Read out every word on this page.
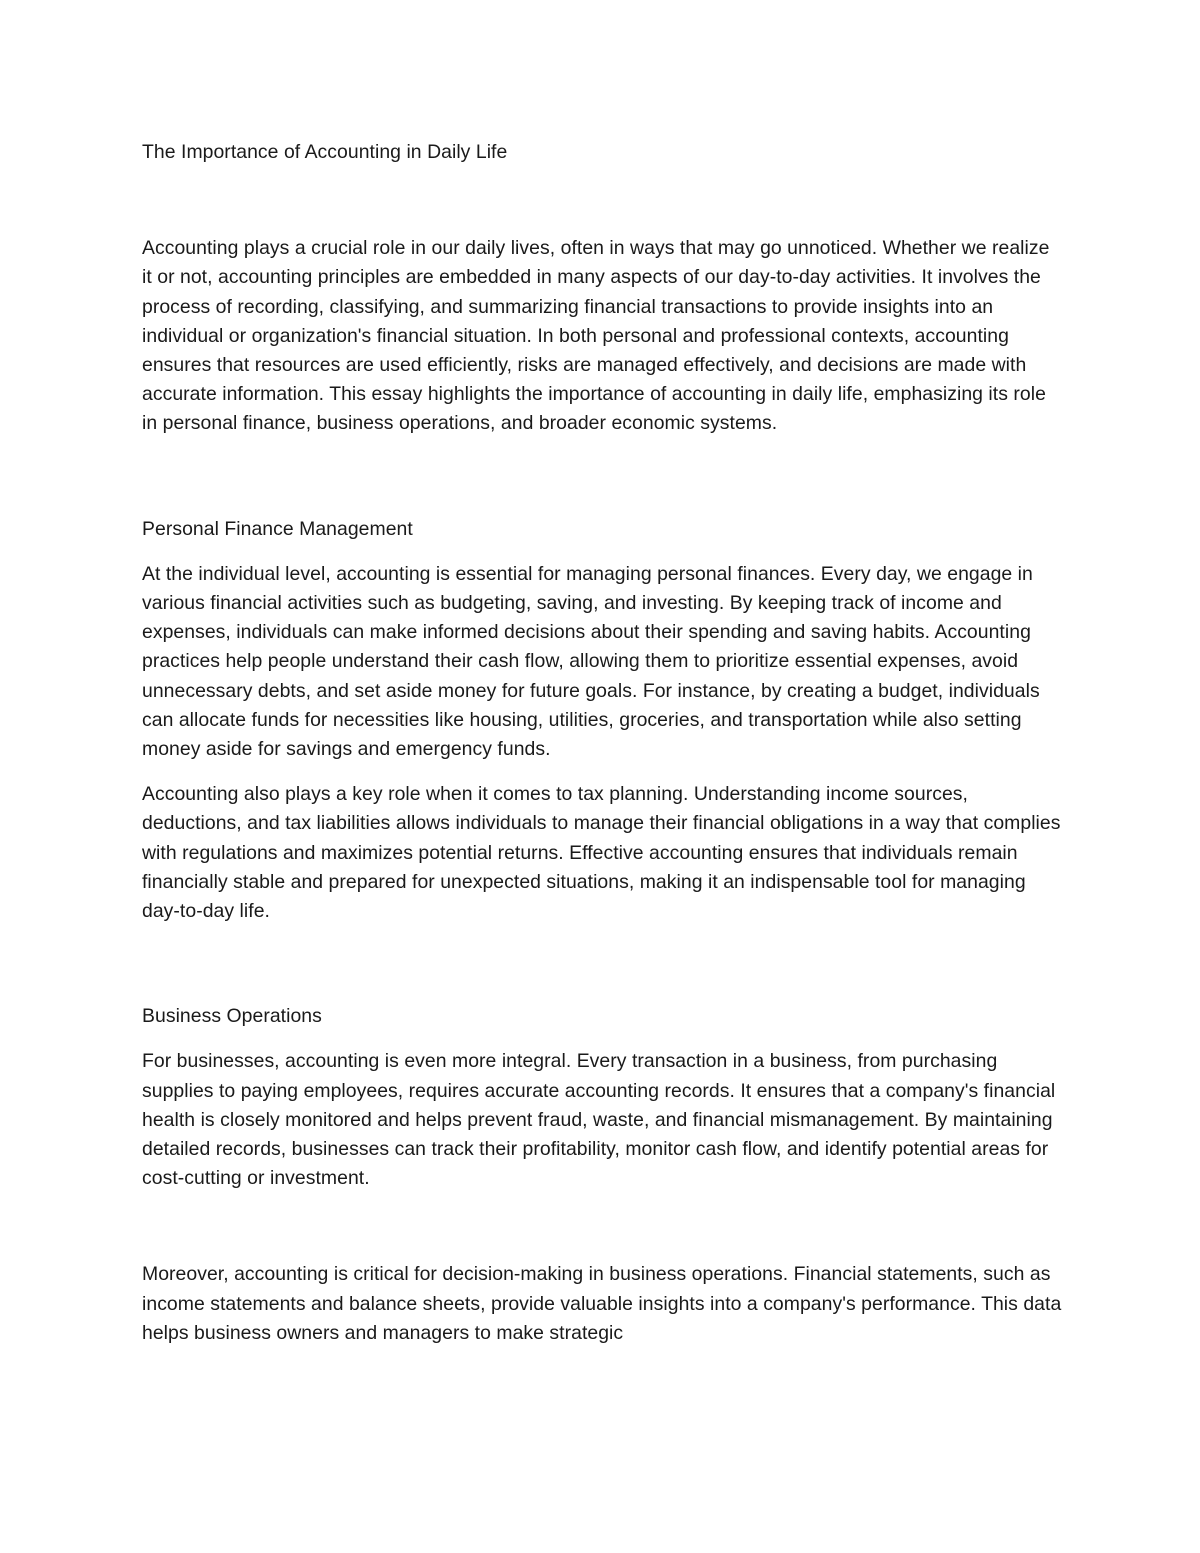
The Importance of Accounting in Daily Life

Accounting plays a crucial role in our daily lives, often in ways that may go unnoticed. Whether we realize it or not, accounting principles are embedded in many aspects of our day-to-day activities. It involves the process of recording, classifying, and summarizing financial transactions to provide insights into an individual or organization's financial situation. In both personal and professional contexts, accounting ensures that resources are used efficiently, risks are managed effectively, and decisions are made with accurate information. This essay highlights the importance of accounting in daily life, emphasizing its role in personal finance, business operations, and broader economic systems.

Personal Finance Management

At the individual level, accounting is essential for managing personal finances. Every day, we engage in various financial activities such as budgeting, saving, and investing. By keeping track of income and expenses, individuals can make informed decisions about their spending and saving habits. Accounting practices help people understand their cash flow, allowing them to prioritize essential expenses, avoid unnecessary debts, and set aside money for future goals. For instance, by creating a budget, individuals can allocate funds for necessities like housing, utilities, groceries, and transportation while also setting money aside for savings and emergency funds.

Accounting also plays a key role when it comes to tax planning. Understanding income sources, deductions, and tax liabilities allows individuals to manage their financial obligations in a way that complies with regulations and maximizes potential returns. Effective accounting ensures that individuals remain financially stable and prepared for unexpected situations, making it an indispensable tool for managing day-to-day life.

Business Operations

For businesses, accounting is even more integral. Every transaction in a business, from purchasing supplies to paying employees, requires accurate accounting records. It ensures that a company's financial health is closely monitored and helps prevent fraud, waste, and financial mismanagement. By maintaining detailed records, businesses can track their profitability, monitor cash flow, and identify potential areas for cost-cutting or investment.

Moreover, accounting is critical for decision-making in business operations. Financial statements, such as income statements and balance sheets, provide valuable insights into a company's performance. This data helps business owners and managers to make strategic
